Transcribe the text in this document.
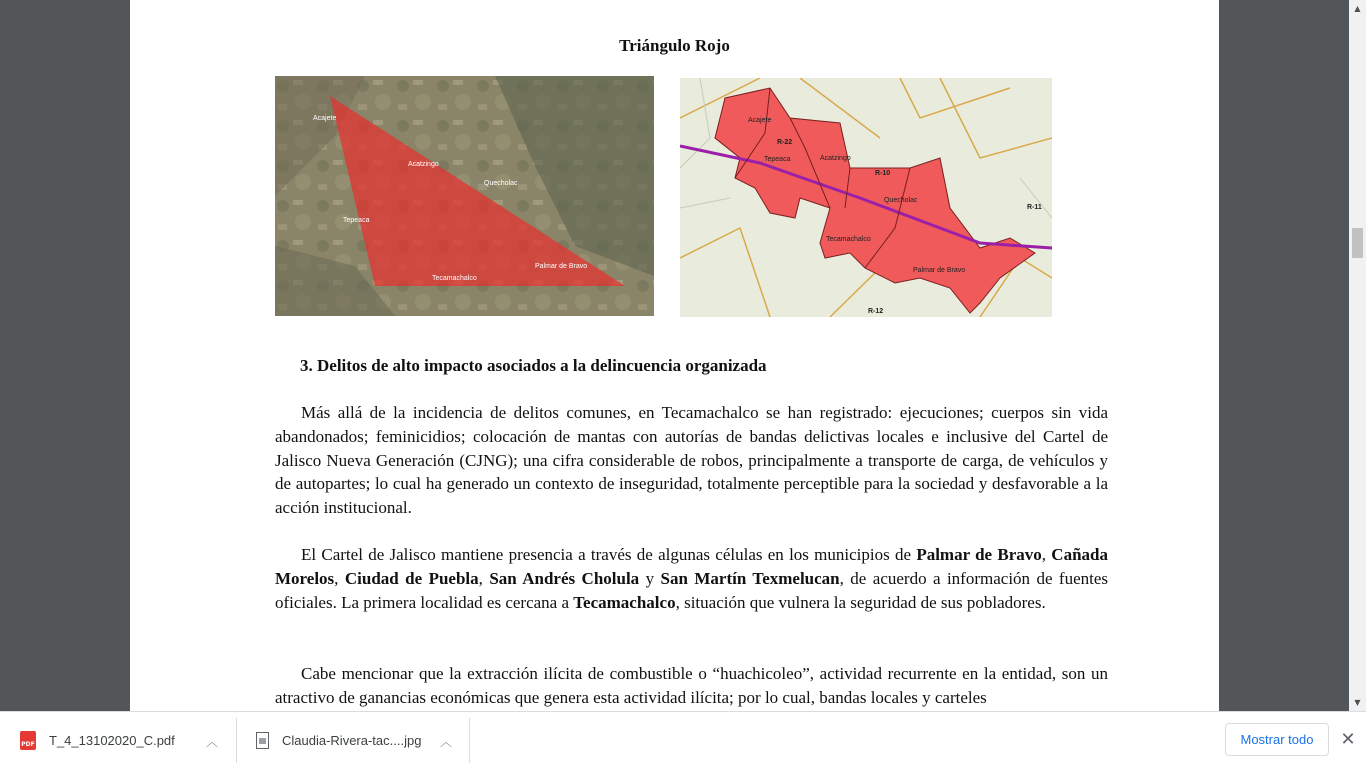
Triángulo Rojo
Acajete
Acatzingo
Quecholac
Tepeaca
Tecamachalco
Palmar de Bravo
Acajete
R-22
Tepeaca	Acatzingo
R-10
Quecholac
R-11
Tecamachalco
Palmar de Bravo
R-12
3. Delitos de alto impacto asociados a la delincuencia organizada

Más allá de la incidencia de delitos comunes, en Tecamachalco se han registrado: ejecuciones; cuerpos sin vida abandonados; feminicidios; colocación de mantas con autorías de bandas delictivas locales e inclusive del Cartel de Jalisco Nueva Generación (CJNG); una cifra considerable de robos, principalmente a transporte de carga, de vehículos y de autopartes; lo cual ha generado un contexto de inseguridad, totalmente perceptible para la sociedad y desfavorable a la acción institucional.

El Cartel de Jalisco mantiene presencia a través de algunas células en los municipios de Palmar de Bravo, Cañada Morelos, Ciudad de Puebla, San Andrés Cholula y San Martín Texmelucan, de acuerdo a información de fuentes oficiales. La primera localidad es cercana a Tecamachalco, situación que vulnera la seguridad de sus pobladores.

Cabe mencionar que la extracción ilícita de combustible o “huachicoleo”, actividad recurrente en la entidad, son un atractivo de ganancias económicas que genera esta actividad ilícita; por lo cual, bandas locales y carteles

▲
▼
PDF T_4_13102020_C.pdf	︿	Claudia-Rivera-tac....jpg ︿	Mostrar todo	✕
